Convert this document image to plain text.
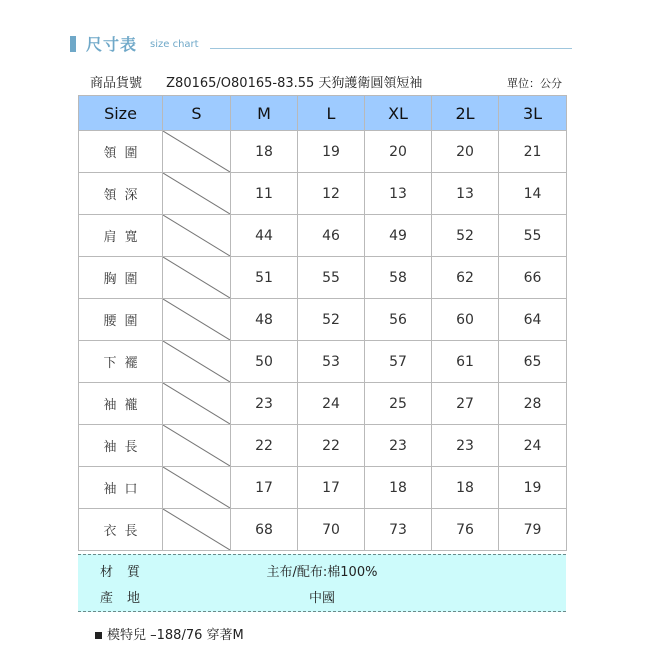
尺寸表 size chart
商品貨號 Z80165/O80165-83.55 天狗護衛圓領短袖	單位：公分
Size	S	M	L	XL	2L	3L
領圍		18	19	20	20	21
領深		11	12	13	13	14
肩寬		44	46	49	52	55
胸圍		51	55	58	62	66
腰圍		48	52	56	60	64
下襬		50	53	57	61	65
袖襱		23	24	25	27	28
袖長		22	22	23	23	24
袖口		17	17	18	18	19
衣長		68	70	73	76	79
材質	主布/配布:棉100%
產地	中國
模特兒 –188/76 穿著M
